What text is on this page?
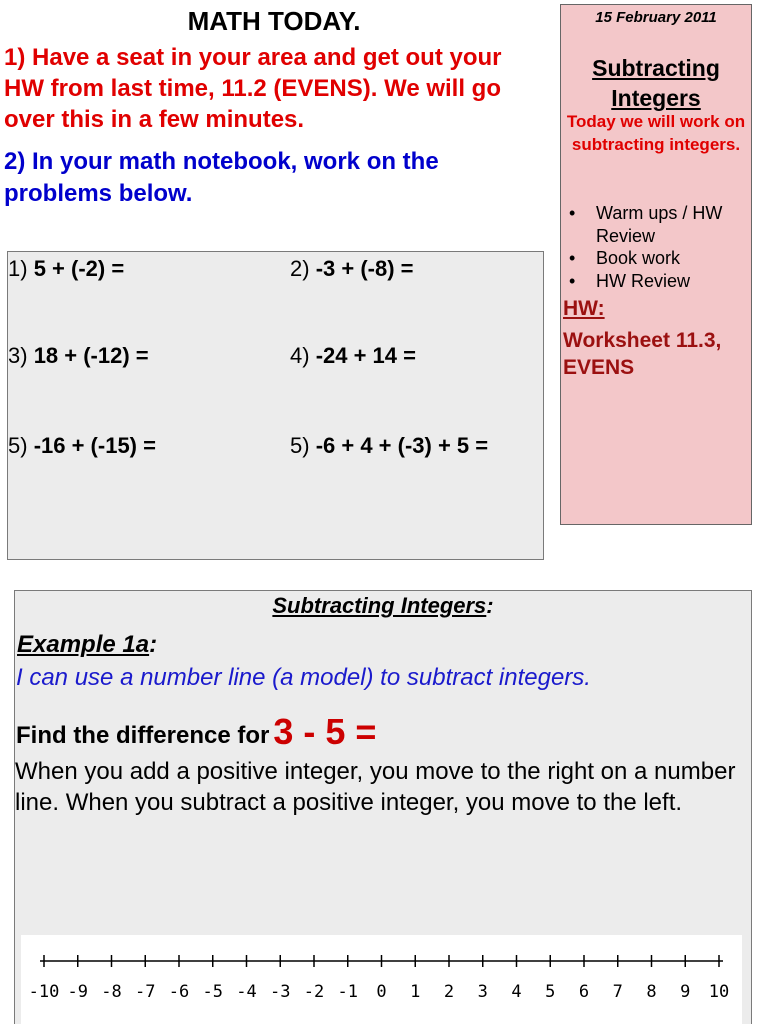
MATH TODAY.
1) Have a seat in your area and get out your HW from last time, 11.2 (EVENS). We will go over this in a few minutes.
2) In your math notebook, work on the problems below.
1) 5 + (-2) =	2) -3 + (-8) =
3) 18 + (-12) =	4) -24 + 14 =
5) -16 + (-15) =	5) -6 + 4 + (-3) + 5 =
15 February 2011
Subtracting Integers
Today we will work on subtracting integers.
• Warm ups / HW Review
• Book work
• HW Review
HW:
Worksheet 11.3, EVENS
Subtracting Integers:
Example 1a:
I can use a number line (a model) to subtract integers.
Find the difference for 3 - 5 =
When you add a positive integer, you move to the right on a number line. When you subtract a positive integer, you move to the left.
-10 -9 -8 -7 -6 -5 -4 -3 -2 -1 0 1 2 3 4 5 6 7 8 9 10
